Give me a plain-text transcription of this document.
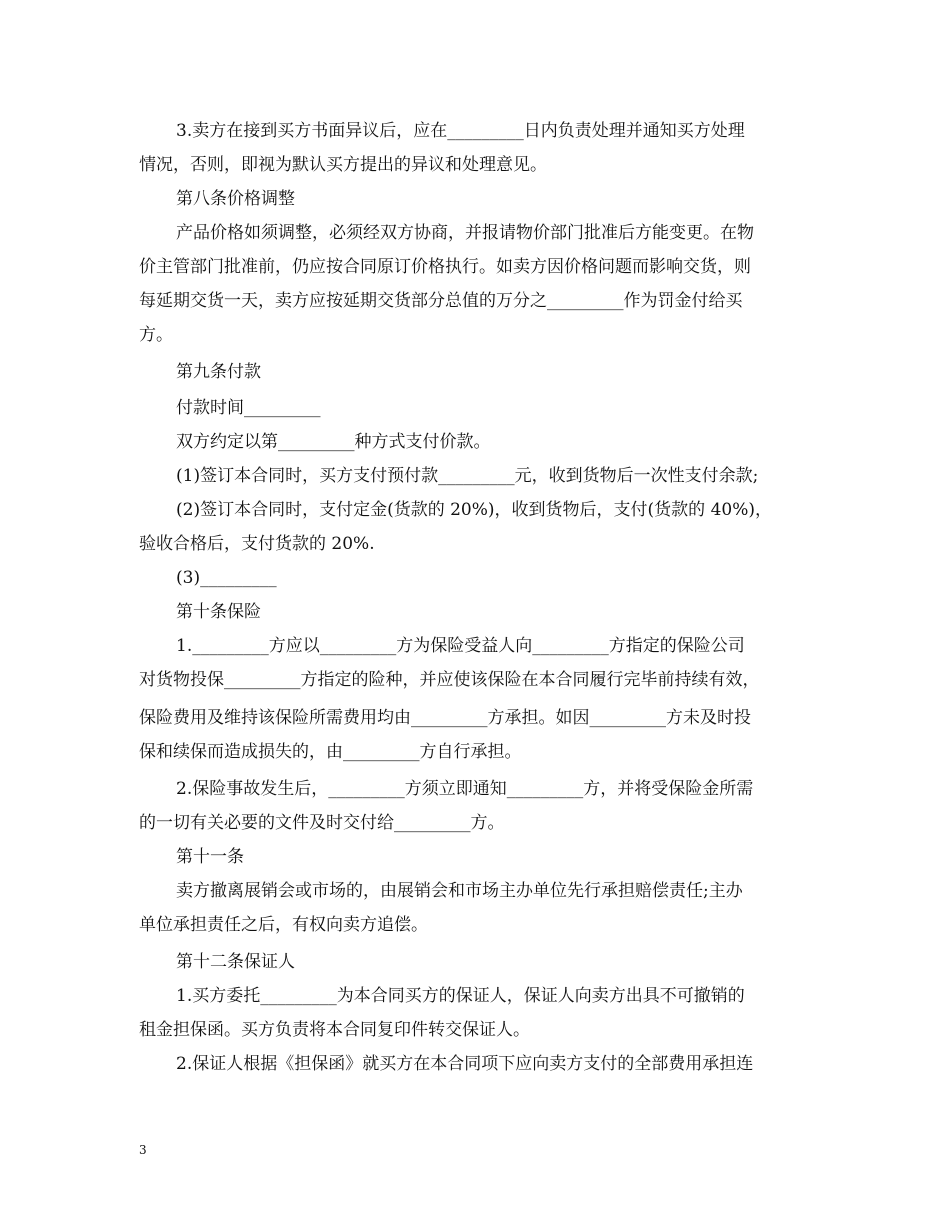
3.卖方在接到买方书面异议后，应在_________日内负责处理并通知买方处理
情况，否则，即视为默认买方提出的异议和处理意见。
第八条价格调整
产品价格如须调整，必须经双方协商，并报请物价部门批准后方能变更。在物
价主管部门批准前，仍应按合同原订价格执行。如卖方因价格问题而影响交货，则
每延期交货一天，卖方应按延期交货部分总值的万分之_________作为罚金付给买
方。
第九条付款
付款时间_________
双方约定以第_________种方式支付价款。
(1)签订本合同时，买方支付预付款_________元，收到货物后一次性支付余款;
(2)签订本合同时，支付定金(货款的 20%)，收到货物后，支付(货款的 40%)，
验收合格后，支付货款的 20%.
(3)_________
第十条保险
1._________方应以_________方为保险受益人向_________方指定的保险公司
对货物投保_________方指定的险种，并应使该保险在本合同履行完毕前持续有效，
保险费用及维持该保险所需费用均由_________方承担。如因_________方未及时投
保和续保而造成损失的，由_________方自行承担。
2.保险事故发生后，_________方须立即通知_________方，并将受保险金所需
的一切有关必要的文件及时交付给_________方。
第十一条
卖方撤离展销会或市场的，由展销会和市场主办单位先行承担赔偿责任;主办
单位承担责任之后，有权向卖方追偿。
第十二条保证人
1.买方委托_________为本合同买方的保证人，保证人向卖方出具不可撤销的
租金担保函。买方负责将本合同复印件转交保证人。
2.保证人根据《担保函》就买方在本合同项下应向卖方支付的全部费用承担连
3
